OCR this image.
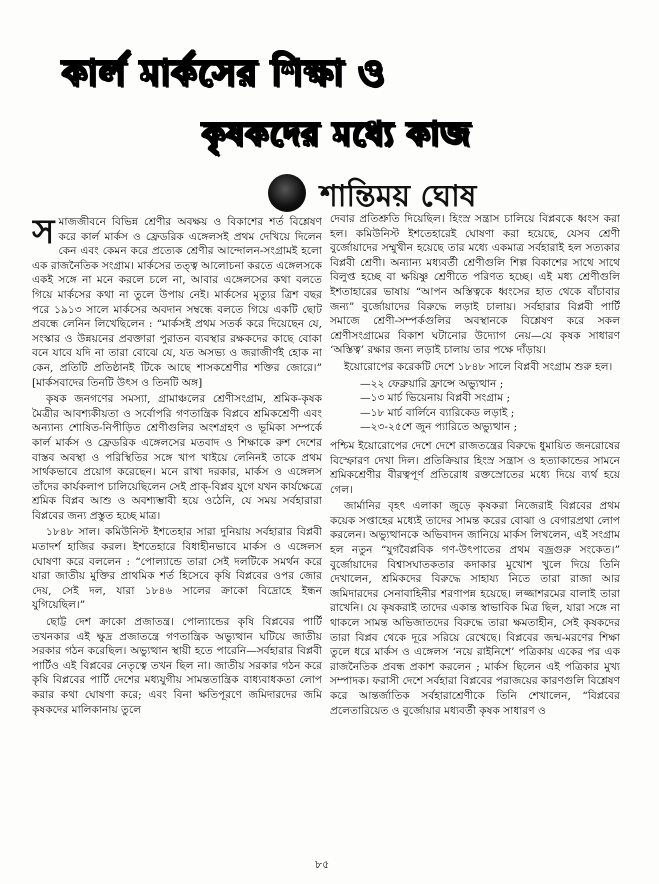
কার্ল মার্কসের শিক্ষা ও
কৃষকদের মধ্যে কাজ
শান্তিময় ঘোষ

সমাজজীবনে বিভিন্ন শ্রেণীর অবক্ষয় ও বিকাশের শর্ত বিশ্লেষণ করে কার্ল মার্কস ও ফ্রেডরিক এঙ্গেলসই প্রথম দেখিয়ে দিলেন কেন এবং কেমন করে প্রত্যেক শ্রেণীর আন্দোলন-সংগ্রামই হলো এক রাজনৈতিক সংগ্রাম। মার্কসের তত্ত্ব আলোচনা করতে এঙ্গেলসকে একই সঙ্গে না মনে করলে চলে না, আবার এঙ্গেলসের কথা বলতে গিয়ে মার্কসের কথা না তুলে উপায় নেই। মার্কসের মৃত্যুর ত্রিশ বছর পরে ১৯১৩ সালে মার্কসের অবদান সম্বন্ধে বলতে গিয়ে একটি ছোট প্রবন্ধে লেনিন লিখেছিলেন : “মার্কসই প্রথম সতর্ক করে দিয়েছেন যে, সংস্কার ও উন্নয়নের প্রবক্তারা পুরাতন ব্যবস্থার রক্ষকদের কাছে বোকা বনে যাবে যদি না তারা বোঝে যে, যত অসভ্য ও জরাজীর্ণই হোক না কেন, প্রতিটি প্রতিষ্ঠানই টিকে আছে শাসকশ্রেণীর শক্তির জোরে।” [মার্কসবাদের তিনটি উৎস ও তিনটি অঙ্গ]

কৃষক জনগণের সমস্যা, গ্রামাঞ্চলের শ্রেণীসংগ্রাম, শ্রমিক-কৃষক মৈত্রীর আবশ্যকীয়তা ও সর্বোপরি গণতান্ত্রিক বিপ্লবে শ্রমিকশ্রেণী এবং অন্যান্য শোষিত-নিপীড়িত শ্রেণীগুলির অংশগ্রহণ ও ভূমিকা সম্পর্কে কার্ল মার্কস ও ফ্রেডরিক এঙ্গেলসের মতবাদ ও শিক্ষাকে রুশ দেশের বাস্তব অবস্থা ও পরিস্থিতির সঙ্গে খাপ খাইয়ে লেনিনই তাকে প্রথম সার্থকভাবে প্রয়োগ করেছেন। মনে রাখা দরকার, মার্কস ও এঙ্গেলস তাঁদের কার্যকলাপ চালিয়েছিলেন সেই প্রাক্-বিপ্লব যুগে যখন কার্যক্ষেত্রে শ্রমিক বিপ্লব আশু ও অবশ্যম্ভাবী হয়ে ওঠেনি, যে সময় সর্বহারারা বিপ্লবের জন্য প্রস্তুত হচ্ছে মাত্র।

১৮৪৮ সাল। কমিউনিস্ট ইশতেহার সারা দুনিয়ায় সর্বহারার বিপ্লবী মতাদর্শ হাজির করল। ইশতেহারে বিধাহীনভাবে মার্কস ও এঙ্গেলস ঘোষণা করে বললেন : “পোল্যান্ডে তারা সেই দলটিকে সমর্থন করে যারা জাতীয় মুক্তির প্রাথমিক শর্ত হিসেবে কৃষি বিপ্লবের ওপর জোর দেয়, সেই দল, যারা ১৮৪৬ সালের ক্রাকো বিদ্রোহে ইন্ধন যুগিয়েছিল।”

ছোট্ট দেশ ক্রাকো প্রজাতন্ত্র। পোল্যান্ডের কৃষি বিপ্লবের পার্টি তখনকার এই ক্ষুদ্র প্রজাতন্ত্রে গণতান্ত্রিক অভ্যুত্থান ঘটিয়ে জাতীয় সরকার গঠন করেছিল। অভ্যুত্থান স্থায়ী হতে পারেনি—সর্বহারার বিপ্লবী পার্টিও এই বিপ্লবের নেতৃত্বে তখন ছিল না। জাতীয় সরকার গঠন করে কৃষি বিপ্লবের পার্টি দেশের মধ্যযুগীয় সামন্ততান্ত্রিক বাধ্যবাধকতা লোপ করার কথা ঘোষণা করে; এবং বিনা ক্ষতিপূরণে জমিদারদের জমি কৃষকদের মালিকানায় তুলে

দেবার প্রতিশ্রুতি দিয়েছিল। হিংস্র সন্ত্রাস চালিয়ে বিপ্লবকে ধ্বংস করা হল। কমিউনিস্ট ইশতেহারেই ঘোষণা করা হয়েছে, যেসব শ্রেণী বুর্জোয়াদের সম্মুখীন হয়েছে তার মধ্যে একমাত্র সর্বহারাই হল সত্যকার বিপ্লবী শ্রেণী। অন্যান্য মধ্যবর্তী শ্রেণীগুলি শিল্প বিকাশের সাথে সাথে বিলুপ্ত হচ্ছে বা ক্ষয়িষ্ণু শ্রেণীতে পরিণত হচ্ছে। এই মধ্য শ্রেণীগুলি ইশতাহারের ভাষায় “আপন অস্তিত্বকে ধ্বংসের হাত থেকে বাঁচাবার জন্য” বুর্জোয়াদের বিরুদ্ধে লড়াই চালায়। সর্বহারার বিপ্লবী পার্টি সমাজে শ্রেণী-সম্পর্কগুলির অবস্থানকে বিশ্লেষণ করে সকল শ্রেণীসংগ্রামের বিকাশ ঘটানোর উদ্যোগ নেয়—যে কৃষক সাধারণ ‘অস্তিত্ব’ রক্ষার জন্য লড়াই চালায় তার পক্ষে দাঁড়ায়।

ইয়োরোপের করেকটি দেশে ১৮৪৮ সালে বিপ্লবী সংগ্রাম শুরু হল।

—২২ ফেব্রুয়ারি ফ্রান্সে অভ্যুত্থান ;
—১৩ মার্চ ভিয়েনায় বিপ্লবী সংগ্রাম ;
—১৮ মার্চ বার্লিনে ব্যারিকেড লড়াই ;
—২৩-২৫শে জুন প্যারিতে অভ্যুত্থান ;

পশ্চিম ইয়োরোপের দেশে দেশে রাজতন্ত্রের বিরুদ্ধে ধুমায়িত জনরোষের বিস্ফোরণ দেখা দিল। প্রতিক্রিয়ার হিংস্র সন্ত্রাস ও হত্যাকান্ডের সামনে শ্রমিকশ্রেণীর বীরত্বপূর্ণ প্রতিরোধ রক্তস্রোতের মধ্যে দিয়ে ব্যর্থ হয়ে গেল।

জার্মানির বৃহৎ এলাকা জুড়ে কৃষকরা নিজেরাই বিপ্লবের প্রথম কয়েক সপ্তাহের মধ্যেই তাদের সামন্ত করের বোঝা ও বেগারপ্রথা লোপ করলেন। অভ্যুত্থানকে অভিবাদন জানিয়ে মার্কস লিখলেন, এই সংগ্রাম হল নতুন “যুগবৈপ্লবিক গণ-উৎপাতের প্রথম বজ্রগুরু সংকেত।” বুর্জোয়াদের বিশ্বাসঘাতকতার কদাকার মুখোশ খুলে দিয়ে তিনি দেখালেন, শ্রমিকদের বিরুদ্ধে সাহায্য নিতে তারা রাজা আর জমিদারদের সেনাবাহিনীর শরণাপন্ন হয়েছে। লজ্জাশরমের বালাই তারা রাখেনি। যে কৃষকরাই তাদের একান্ত স্বাভাবিক মিত্র ছিল, যারা সঙ্গে না থাকলে সামন্ত অভিজাতদের বিরুদ্ধে তারা ক্ষমতাহীন, সেই কৃষকদের তারা বিপ্লব থেকে দূরে সরিয়ে রেখেছে। বিপ্লবের জন্ম-মরণের শিক্ষা তুলে ধরে মার্কস ও এঙ্গেলস ‘নয়ে রাইনিশে’ পত্রিকায় একের পর এক রাজনৈতিক প্রবন্ধ প্রকাশ করলেন ; মার্কস ছিলেন এই পত্রিকার মুখ্য সম্পাদক। ফরাসী দেশে সর্বহারা বিপ্লবের পরাজয়ের কারণগুলি বিশ্লেষণ করে আন্তর্জাতিক সর্বহারাশ্রেণীকে তিনি শেখালেন, “বিপ্লবের প্রলেতারিয়েত ও বুর্জোয়ার মধ্যবর্তী কৃষক সাধারণ ও

৮৫
